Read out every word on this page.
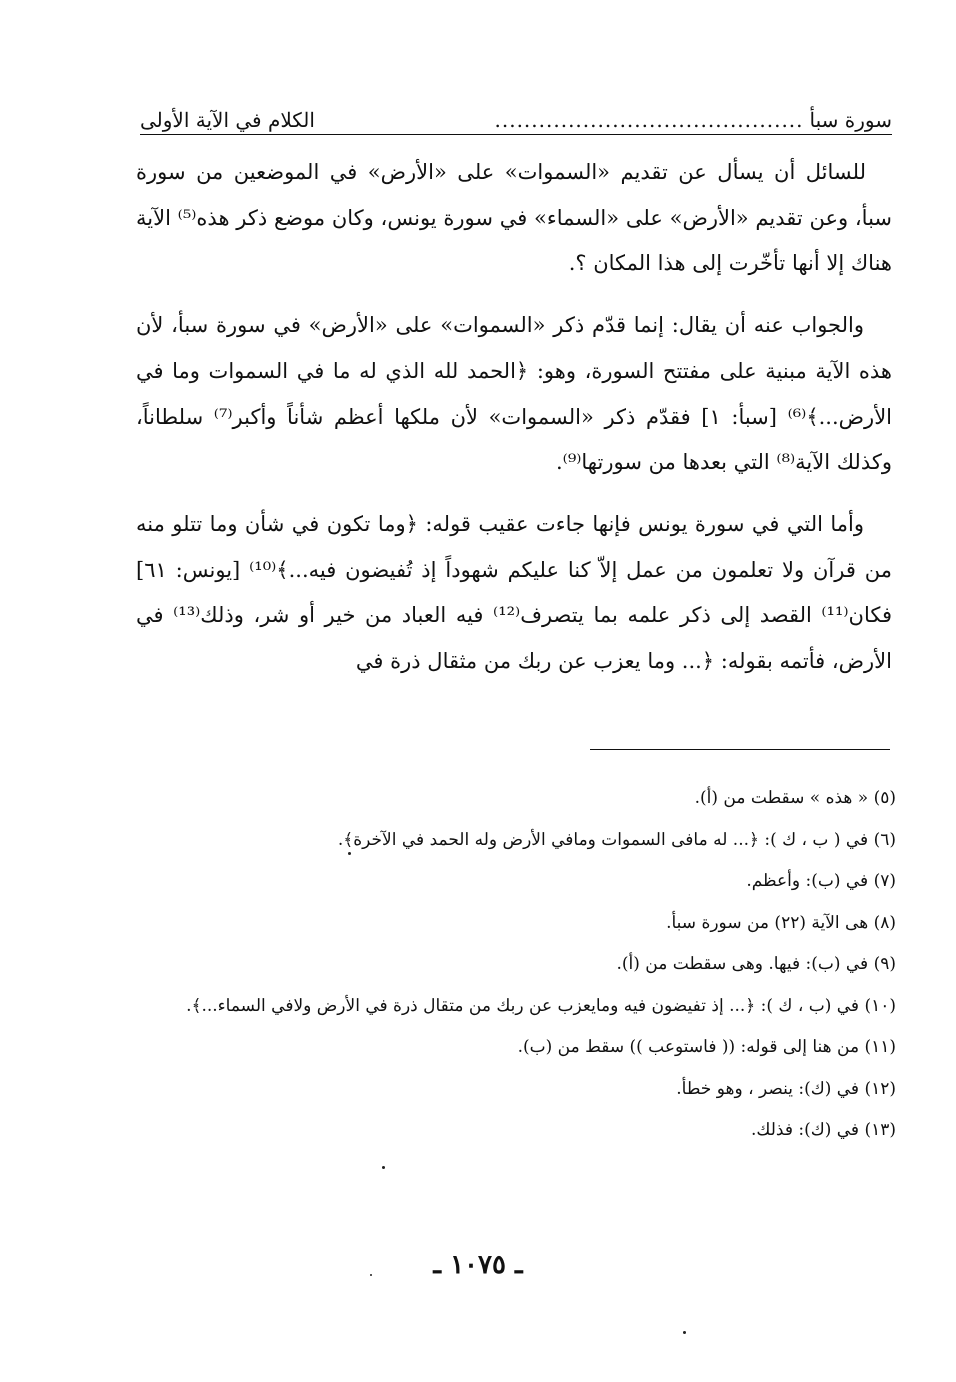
سورة سبأ
..........................................
الكلام في الآية الأولى

للسائل أن يسأل عن تقديم «السموات» على «الأرض» في الموضعين من سورة سبأ، وعن تقديم «الأرض» على «السماء» في سورة يونس، وكان موضع ذكر هذه⁽⁵⁾ الآية هناك إلا أنها تأخّرت إلى هذا المكان ؟.

والجواب عنه أن يقال: إنما قدّم ذكر «السموات» على «الأرض» في سورة سبأ، لأن هذه الآية مبنية على مفتتح السورة، وهو: ﴿الحمد لله الذي له ما في السموات وما في الأرض...﴾⁽⁶⁾ [سبأ: ١] فقدّم ذكر «السموات» لأن ملكها أعظم شأناً وأكبر⁽⁷⁾ سلطاناً، وكذلك الآية⁽⁸⁾ التي بعدها من سورتها⁽⁹⁾.

وأما التي في سورة يونس فإنها جاءت عقيب قوله: ﴿وما تكون في شأن وما تتلو منه من قرآن ولا تعلمون من عمل إلاّ كنا عليكم شهوداً إذ تُفيضون فيه...﴾⁽¹⁰⁾ [يونس: ٦١] فكان⁽¹¹⁾ القصد إلى ذكر علمه بما يتصرف⁽¹²⁾ فيه العباد من خير أو شر، وذلك⁽¹³⁾ في الأرض، فأتمه بقوله: ﴿... وما يعزب عن ربك من مثقال ذرة في

(٥) « هذه » سقطت من (أ).
(٦) في ( ب ، ك ): ﴿... له مافى السموات ومافي الأرض وله الحمد في الآخرة﴾.
(٧) في (ب): وأعظم.
(٨) هى الآية (٢٢) من سورة سبأ.
(٩) في (ب): فيها. وهى سقطت من (أ).
(١٠) في (ب ، ك ): ﴿... إذ تفيضون فيه ومايعزب عن ربك من متقال ذرة في الأرض ولافي السماء...﴾.
(١١) من هنا إلى قوله: (( فاستوعب )) سقط من (ب).
(١٢) في (ك): ينصر ، وهو خطأ.
(١٣) في (ك): فذلك.
ـ ١٠٧٥ ـ
